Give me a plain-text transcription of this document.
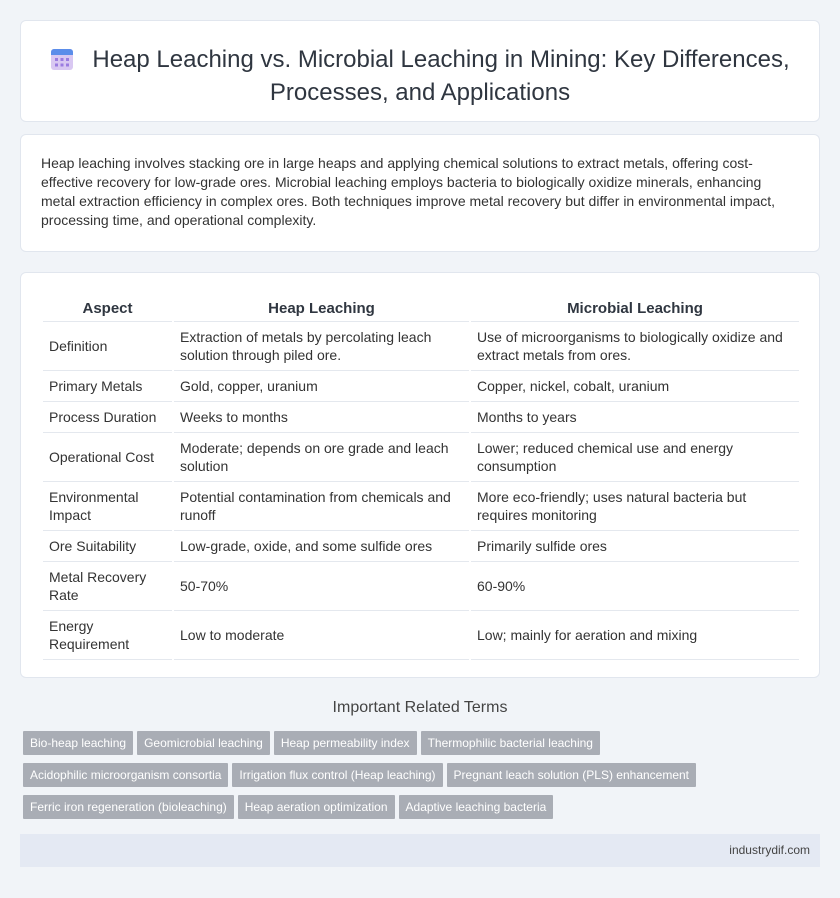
Heap Leaching vs. Microbial Leaching in Mining: Key Differences,
Processes, and Applications
Heap leaching involves stacking ore in large heaps and applying chemical solutions to extract metals, offering cost-effective recovery for low-grade ores. Microbial leaching employs bacteria to biologically oxidize minerals, enhancing metal extraction efficiency in complex ores. Both techniques improve metal recovery but differ in environmental impact, processing time, and operational complexity.
Aspect	Heap Leaching	Microbial Leaching
Definition	Extraction of metals by percolating leach solution through piled ore.	Use of microorganisms to biologically oxidize and extract metals from ores.
Primary Metals	Gold, copper, uranium	Copper, nickel, cobalt, uranium
Process Duration	Weeks to months	Months to years
Operational Cost	Moderate; depends on ore grade and leach solution	Lower; reduced chemical use and energy consumption
Environmental Impact	Potential contamination from chemicals and runoff	More eco-friendly; uses natural bacteria but requires monitoring
Ore Suitability	Low-grade, oxide, and some sulfide ores	Primarily sulfide ores
Metal Recovery Rate	50-70%	60-90%
Energy Requirement	Low to moderate	Low; mainly for aeration and mixing
Important Related Terms
Bio-heap leaching Geomicrobial leaching Heap permeability index Thermophilic bacterial leaching
Acidophilic microorganism consortia Irrigation flux control (Heap leaching) Pregnant leach solution (PLS) enhancement
Ferric iron regeneration (bioleaching) Heap aeration optimization Adaptive leaching bacteria
industrydif.com
